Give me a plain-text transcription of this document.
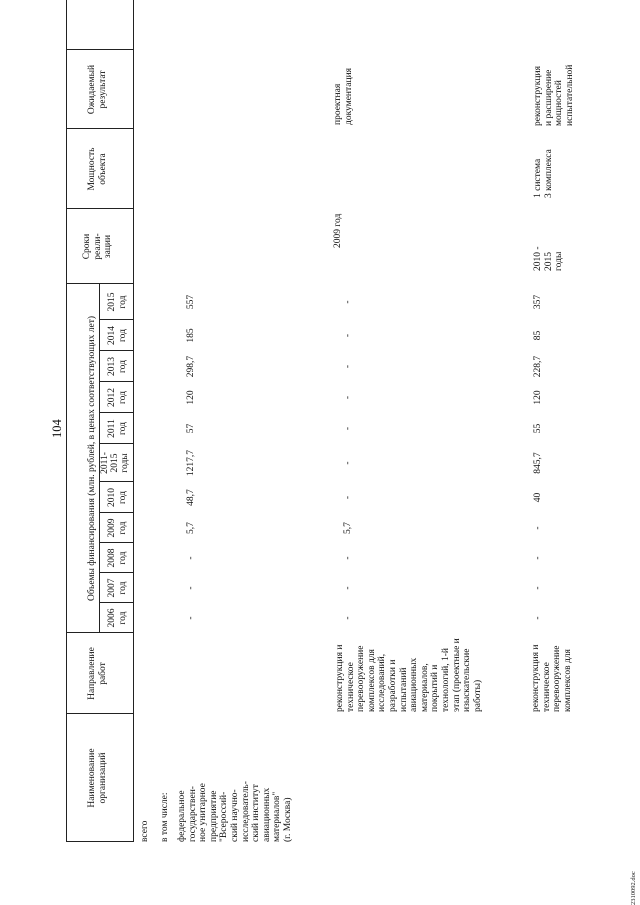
104
Наименование
организаций
Направление
работ
Объемы финансирования (млн. рублей, в ценах соответствующих лет)
2006
год
2007
год
2008
год
2009
год
2010
год
2011-
2015
годы
2011
год
2012
год
2013
год
2014
год
2015
год
Сроки
реали-
зации
Мощность
объекта
Ожидаемый
результат
всего в том числе: федеральное
государствен-
ное унитарное
предприятие
"Всероссий-
ский научно-
исследователь-
ский институт
авиационных
материалов"
(г. Москва)
-
-
-
5,7
48,7
1217,7
57
120
298,7
185
557
реконструкция и
техническое
перевооружение
комплексов для
исследований,
разработки и
испытаний
авиационных
материалов,
покрытий и
технологий, 1-й
этап (проектные и
изыскательские
работы)
-
-
-
5,7
-
-
-
-
-
-
-
2009 год
проектная
документация
реконструкция и
техническое
перевооружение
комплексов для
-
-
-
-
40
845,7
55
120
228,7
85
357
2010 -
2015
годы
1 система
3 комплекса
реконструкция
и расширение
мощностей
испытательной
2310092.doc
